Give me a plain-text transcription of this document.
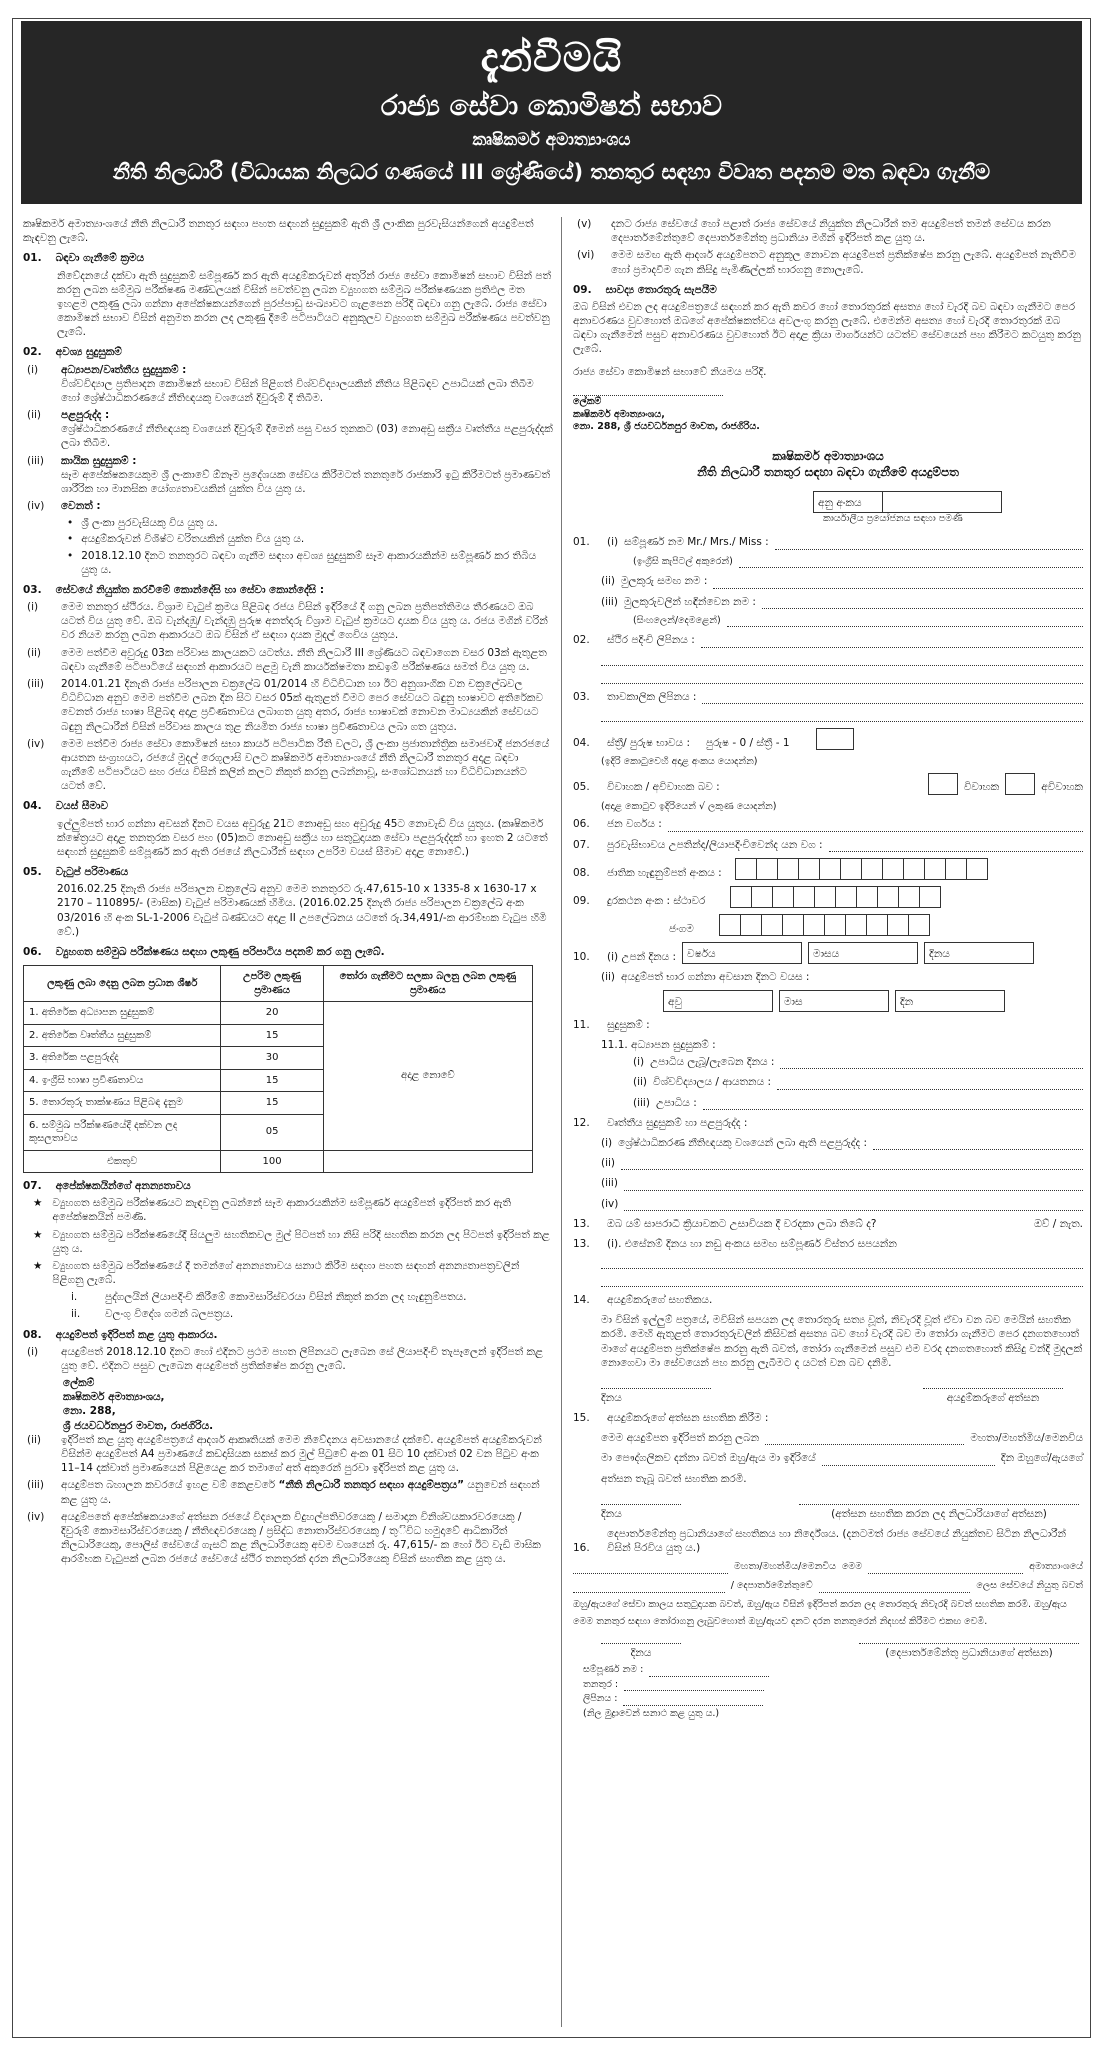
දැන්වීමයි
රාජ්‍ය සේවා කොමිෂන් සභාව
කෘෂිකර්ම අමාත්‍යාංශය
නීති නිලධාරී (විධායක නිලධර ගණයේ III ශ්‍රේණියේ) තනතුර සඳහා විවෘත පදනම මත බඳවා ගැනීම

කෘෂිකර්ම අමාත්‍යාංශයේ නීති නිලධාරී තනතුර සඳහා පහත සඳහන් සුදුසුකම් ඇති ශ්‍රී ලාංකික පුරවැසියන්ගෙන් අයදුම්පත් කැඳවනු ලැබේ.

01. බඳවා ගැනීමේ ක්‍රමය

නිවේදනයේ දක්වා ඇති සුදුසුකම් සම්පූර්ණ කර ඇති අයදුම්කරුවන් අතුරින් රාජ්‍ය සේවා කොමිෂන් සභාව විසින් පත් කරනු ලබන සම්මුඛ පරීක්ෂණ මණ්ඩලයක් විසින් පවත්වනු ලබන ව්‍යුහගත සම්මුඛ පරීක්ෂණයක ප්‍රතිඵල මත ඉහළම ලකුණු ලබා ගන්නා අපේක්ෂකයන්ගෙන් පුරප්පාඩු සංඛ්‍යාවට ගැළපෙන පරිදි බඳවා ගනු ලැබේ. රාජ්‍ය සේවා කොමිෂන් සභාව විසින් අනුමත කරන ලද ලකුණු දීමේ පටිපාටියට අනුකූලව ව්‍යුහගත සම්මුඛ පරීක්ෂණය පවත්වනු ලැබේ.

02. අවශ්‍ය සුදුසුකම්
(i)	අධ්‍යාපන/වෘත්තීය සුදුසුකම් :
විශ්වවිද්‍යාල ප්‍රතිපාදන කොමිෂන් සභාව විසින් පිළිගත් විශ්වවිද්‍යාලයකින් නීතිය පිළිබඳව උපාධියක් ලබා තිබීම හෝ ශ්‍රේෂ්ඨාධිකරණයේ නීතිඥයකු වශයෙන් දිවුරුම් දී තිබීම.
(ii)	පළපුරුද්ද :
ශ්‍රේෂ්ඨාධිකරණයේ නීතිඥයකු වශයෙන් දිවුරුම් දීමෙන් පසු වසර තුනකට (03) නොඅඩු සක්‍රීය වෘත්තීය පළපුරුද්දක් ලබා තිබීම.
(iii)	කායික සුදුසුකම් :
සෑම අපේක්ෂකයෙකුම ශ්‍රී ලංකාවේ ඕනෑම ප්‍රදේශයක සේවය කිරීමටත් තනතුරේ රාජකාරි ඉටු කිරීමටත් ප්‍රමාණවත් ශාරීරික හා මානසික යෝග්‍යතාවයකින් යුක්ත විය යුතු ය.
(iv)	වෙනත් :
• ශ්‍රී ලංකා පුරවැසියකු විය යුතු ය.
• අයදුම්කරුවන් විශිෂ්ට චරිතයකින් යුක්ත විය යුතු ය.
• 2018.12.10 දිනට තනතුරට බඳවා ගැනීම සඳහා අවශ්‍ය සුදුසුකම් සෑම ආකාරයකින්ම සම්පූර්ණ කර තිබිය යුතු ය.
03. සේවයේ නියුක්ත කරවීමේ කොන්දේසි හා සේවා කොන්දේසි :
(i)	මෙම තනතුර ස්ථිරය. විශ්‍රාම වැටුප් ක්‍රමය පිළිබඳ රජය විසින් ඉදිරියේ දී ගනු ලබන ප්‍රතිපත්තිමය තීරණයට ඔබ යටත් විය යුතු වේ. ඔබ වැන්දඹු/ වැන්දඹු පුරුෂ අනත්දරු විශ්‍රාම වැටුප් ක්‍රමයට දායක විය යුතු ය. රජය මගින් වරින් වර නියම කරනු ලබන ආකාරයට ඔබ විසින් ඒ සඳහා දායක මුදල් ගෙවිය යුතුය.
(ii)	මෙම පත්වීම අවුරුදු 03ක පරිවාස කාලයකට යටත්ය. නීති නිලධාරී III ශ්‍රේණියට බඳවාගෙන වසර 03ක් ඇතුළත බඳවා ගැනීමේ පටිපාටියේ සඳහන් ආකාරයට පළමු වැනි කාර්යක්ෂමතා කඩඉම් පරීක්ෂණය සමත් විය යුතු ය.
(iii)	2014.01.21 දිනැති රාජ්‍ය පරිපාලන චක්‍රලේඛ 01/2014 හි විධිවිධාන හා ඊට අනුශාංගික වන චක්‍රලේඛවල විධිවිධාන අනුව මෙම පත්වීම ලබන දින සිට වසර 05ක් ඇතුළත් වීමට පෙර සේවයට බඳුනු භාෂාවට අතිරේකව වෙනත් රාජ්‍ය භාෂා පිළිබඳ අදාළ ප්‍රවීණතාවය ලබාගත යුතු අතර, රාජ්‍ය භාෂාවක් නොවන මාධ්‍යයකින් සේවයට බඳුනු නිලධාරීන් විසින් පරිවාස කාලය තුළ නියමිත රාජ්‍ය භාෂා ප්‍රවීණතාවය ලබා ගත යුතුය.
(iv)	මෙම පත්වීම රාජ්‍ය සේවා කොමිෂන් සභා කාර්ය පටිපාටික රීති වලට, ශ්‍රී ලංකා ප්‍රජාතාන්ත්‍රික සමාජවාදී ජනරජයේ ආයතන සංග්‍රහයට, රජයේ මුදල් රෙගුලාසි වලට කෘෂිකර්ම අමාත්‍යාංශයේ නීති නිලධාරී තනතුර අදාළ බඳවා ගැනීමේ පටිපාටියට සහ රජය විසින් කලින් කලට නිකුත් කරනු ලබන්නාවූ, සංශෝධනයන් හා විධිවිධානයන්ට යටත් වේ.
04. වයස් සීමාව

ඉල්ලුම්පත් භාර ගන්නා අවසන් දිනට වයස අවුරුදු 21ට නොඅඩු සහ අවුරුදු 45ට නොවැඩි විය යුතුය. (කෘෂිකර්ම ක්ෂේත්‍රයට අදාළ තනතුරක වසර පහ (05)කට නොඅඩු සක්‍රීය හා සතුටුදායක සේවා පළපුරුද්දක් හා ඉහත 2 යටතේ සඳහන් සුදුසුකම් සම්පූර්ණ කර ඇති රජයේ නිලධාරීන් සඳහා උපරිම වයස් සීමාව අදාළ නොවේ.)

05. වැටුප් පරිමාණය

2016.02.25 දිනැති රාජ්‍ය පරිපාලන චක්‍රලේඛ අනුව මෙම තනතුරට රු.47,615-10 x 1335-8 x 1630-17 x 2170 – 110895/- (මාසික) වැටුප් පරිමාණයක් හිමිය. (2016.02.25 දිනැති රාජ්‍ය පරිපාලන චක්‍රලේඛ අංක 03/2016 හි අංක SL-1-2006 වැටුප් බණ්ඩයට අදාළ II උපලේඛනය යටතේ රු.34,491/-ක ආරම්භක වැටුප හිමි වේ.)

06. ව්‍යුහගත සම්මුඛ පරීක්ෂණය සඳහා ලකුණු පරිපාටිය පදනම් කර ගනු ලැබේ.
ලකුණු ලබා දෙනු ලබන ප්‍රධාන ශීර්ෂ	උපරිම ලකුණු ප්‍රමාණය	තෝරා ගැනීමට සලකා බලනු ලබන ලකුණු ප්‍රමාණය
1. අතිරේක අධ්‍යාපන සුදුසුකම්	20	අදාළ නොවේ
2. අතිරේක වෘත්තීය සුදුසුකම්	15	
3. අතිරේක පළපුරුද්ද	30	
4. ඉංග්‍රීසි භාෂා ප්‍රවීණතාවය	15	
5. තොරතුරු තාක්ෂණය පිළිබඳ දැනුම	15	
6. සම්මුඛ පරීක්ෂණයේදී දක්වන ලද කුසලතාවය	05	
එකතුව	100	
07. අපේක්ෂකයින්ගේ අනන්‍යතාවය
★ ව්‍යුහගත සම්මුඛ පරීක්ෂණයට කැඳවනු ලබන්නේ සෑම ආකාරයකින්ම සම්පූර්ණ අයදුම්පත් ඉදිරිපත් කර ඇති අපේක්ෂකයින් පමණි.
★ ව්‍යුහගත සම්මුඛ පරීක්ෂණයේදී සියලුම සහතිකවල මුල් පිටපත් හා නිසි පරිදි සහතික කරන ලද පිටපත් ඉදිරිපත් කළ යුතු ය.
★ ව්‍යුහගත සම්මුඛ පරීක්ෂණයේ දී තමන්ගේ අනන්‍යතාවය සනාථ කිරීම සඳහා පහත සඳහන් අනන්‍යතාපත්‍රවලින් පිළිගනු ලැබේ.
i.	පුද්ගලයින් ලියාපදිංචි කිරීමේ කොමසාරිස්වරයා විසින් නිකුත් කරන ලද හැඳුනුම්පතය.
ii.	වලංගු විදේශ ගමන් බලපත්‍රය.
08. අයදුම්පත් ඉදිරිපත් කළ යුතු ආකාරය.
(i)	අයදුම්පත් 2018.12.10 දිනට හෝ එදිනට ප්‍රථම පහත ලිපිනයට ලැබෙන සේ ලියාපදිංචි තැපෑලෙන් ඉදිරිපත් කළ යුතු වේ. එදිනට පසුව ලැබෙන අයදුම්පත් ප්‍රතික්ෂේප කරනු ලැබේ.
ලේකම්
කෘෂිකර්ම අමාත්‍යාංශය,
නො. 288,
ශ්‍රී ජයවර්ධනපුර මාවත, රාජගිරිය.
(ii)	ඉදිරිපත් කළ යුතු අයදුම්පත්‍රයේ ආදර්ශ ආකෘතියක් මෙම නිවේදනය අවසානයේ දක්වේ. අයදුම්පත් අයදුම්කරුවන් විසින්ම අයදුම්පත් A4 ප්‍රමාණයේ කඩදාසියක සකස් කර මුල් පිටුවේ අංක 01 සිට 10 දක්වාත් 02 වන පිටුව අංක 11–14 දක්වාත් ප්‍රමාණයෙන් පිළියෙළ කර තමාගේ අත් අකුරෙන් පුරවා ඉදිරිපත් කළ යුතු ය.
(iii)	අයදුම්පත බහාලන කවරයේ ඉහළ වම් කෙළවරේ “නීති නිලධාරී තනතුර සඳහා අයදුම්පත්‍රය” යනුවෙන් සඳහන් කළ යුතු ය.
(iv)	අයදුම්පතේ අපේක්ෂකයාගේ අත්සන රජයේ විද්‍යාලක විදුහල්පතිවරයෙකු / සමාදාන විනිශ්චයකාරවරයෙකු / දිවුරුම් කොමසාරිස්වරයෙකු / නීතිඥවරයෙකු / ප්‍රසිද්ධ නොතාරිස්වරයෙකු / තුිවිධ හමුදාවේ ආධිකාරිත් නිලධාරියෙකු, පොලිස් සේවයේ ගැසට් කළ නිලධාරියෙකු අවම වශයෙන් රු. 47,615/- ක හෝ ඊට වැඩි මාසික ආරම්භක වැටුපක් ලබන රජයේ සේවයේ ස්ථිර තනතුරක් දරන නිලධාරියෙකු විසින් සහතික කළ යුතු ය.
(v)	දනට රාජ්‍ය සේවයේ හෝ පළාත් රාජ්‍ය සේවයේ නියුක්ත නිලධාරීන් තම අයදුම්පත් තමන් සේවය කරන දෙපාර්තමේන්තුවේ දෙපාර්තමේන්තු ප්‍රධානියා මගින් ඉදිරිපත් කළ යුතු ය.
(vi)	මෙම සමඟ ඇති ආදර්ශ අයදුම්පතට අනුකූල නොවන අයදුම්පත් ප්‍රතික්ෂේප කරනු ලැබේ. අයදුම්පත් නැතිවීම හෝ ප්‍රමාදවීම ගැන කිසිදු පැමිණිල්ලක් භාරගනු නොලැබේ.
09. සාවද්‍ය තොරතුරු සැපයීම

ඔබ විසින් එවන ලද අයදුම්පත්‍රයේ සඳහන් කර ඇති කවර හෝ තොරතුරක් අසත්‍ය හෝ වැරදි බව බඳවා ගැනීමට පෙර අනාවරණය වුවහොත් ඔබගේ අපේක්ෂකත්වය අවලංගු කරනු ලැබේ. එමෙන්ම අසත්‍ය හෝ වැරදි තොරතුරක් ඔබ බඳවා ගැනීමෙන් පසුව අනාවරණය වුවහොත් ඊට අදාළ ක්‍රියා මාර්ගයන්ට යටත්ව සේවයෙන් පහ කිරීමට කටයුතු කරනු ලැබේ.

රාජ්‍ය සේවා කොමිෂන් සභාවේ නියමය පරිදි.

ලේකම්
කෘෂිකර්ම අමාත්‍යාංශය,
නො. 288, ශ්‍රී ජයවර්ධනපුර මාවත, රාජගිරිය.
කෘෂිකර්ම අමාත්‍යාංශය
නීති නිලධාරී තනතුර සඳහා බඳවා ගැනීමේ අයදුම්පත
අනු අංකය
කාර්යාලීය ප්‍රයෝජනය සඳහා පමණි
01.	(i) සම්පූර්ණ නම Mr./ Mrs./ Miss :
(ඉංග්‍රීසි කැපිටල් අකුරෙන්)
(ii) මුලකුරු සමඟ නම :
(iii) මුලකුරුවලින් හඳින්වෙන නම :
(සිංහලෙන්/දෙමළෙන්)
02.	ස්ථිර පදිංචි ලිපිනය :
03.	තාවකාලික ලිපිනය :
04.	ස්ත්‍රී/ පුරුෂ භාවය : පුරුෂ - 0 / ස්ත්‍රී - 1
(ඉදිරි කොටුවෙහි අදාළ අංකය යොදන්න)
05.	විවාහක / අවිවාහක බව :	විවාහක	අවිවාහක
(අදාළ කොටුව ඉදිරියෙන් √ ලකුණ යොදන්න)
06.	ජන වර්ගය :
07.	පුරවැසිභාවය උපතින්ද/ලියාපදිංචිවෙන්ද යන වග :
08.	ජාතික හැඳුනුම්පත් අංකය :
09.	දුරකථන අංක : ස්ථාවර
ජංගම
10.	(i) උපන් දිනය :	වර්ෂය	මාසය	දිනය
(ii) අයදුම්පත් භාර ගන්නා අවසාන දිනට වයස :
අවු	මාස	දින
11.	සුදුසුකම් :
11.1. අධ්‍යාපන සුදුසුකම් :
(i) උපාධිය ලැබූ/ලැබෙන දිනය :
(ii) විශ්වවිද්‍යාලය / ආයතනය :
(iii) උපාධිය :
12.	වෘත්තීය සුදුසුකම් හා පළපුරුද්ද :
(i) ශ්‍රේෂ්ඨාධිකරණ නීතිඥයකු වශයෙන් ලබා ඇති පළපුරුද්ද :
(ii)
(iii)
(iv)
13.	ඔබ යම් සාපරාධී ක්‍රියාවකට උසාවියක දී වරදකා ලබා තිබේ ද?	ඔව් / නැත.
13.	(i). එසේනම් දිනය හා නඩු අංකය සමඟ සම්පූර්ණ විස්තර සපයන්න
14.	අයදුම්කරුගේ සහතිකය.

මා විසින් ඉල්ලුම් පත්‍රයේ, මවිසින් සපයන ලද තොරතුරු සත්‍ය වූත්, නිවැරදි වූත් ඒවා වන බව මෙයින් සහතික කරමි. මෙහි ඇතුළත් තොරතුරුවලින් කිසිවක් අසත්‍ය බව හෝ වැරදි බව මා තෝරා ගැනීමට පෙර දනගතහොත් මාගේ අයදුම්පත ප්‍රතික්ෂේප කරනු ඇති බවත්, තෝරා ගැනීමෙන් පසුව එම වරද දනගතහොත් කිසිදු වන්දි මුදලක් නොගෙවා මා සේවයෙන් පහ කරනු ලැබීමට ද යටත් වන බව දනිමි.

දිනය	අයදුම්කරුගේ අත්සන
15.	අයදුම්කරුගේ අත්සන සහතික කිරීම :
මෙම අයදුම්පත ඉදිරිපත් කරනු ලබන	මහතා/මහත්මිය/මෙනවිය
මා පෞද්ගලිකව දන්නා බවත් ඔහු/ඇය මා ඉදිරියේ	දින ඔහුගේ/ඇයගේ
අත්සන තැබූ බවත් සහතික කරමි.
දිනය	(අත්සන සහතික කරන ලද නිලධාරියාගේ අත්සන)
16.
දෙපාර්තමේන්තු ප්‍රධානියාගේ සහතිකය හා නිර්දේශය. (දනටමත් රාජ්‍ය සේවයේ නියුක්තව සිටින නිලධාරීන් විසින් පිරවිය යුතු ය.)
මහතා/මහත්මිය/මෙනවිය මෙම	අමාත්‍යාංශයේ
/ දෙපාර්තමේන්තුවේ	ලෙස සේවයේ නියුතු බවත්

ඔහු/ඇයගේ සේවා කාලය සතුටුදායක බවත්, ඔහු/ඇය විසින් ඉදිරිපත් කරන ලද තොරතුරු නිවැරදි බවත් සහතික කරමි. ඔහු/ඇය

මෙම තනතුර සඳහා තෝරාගනු ලැබුවහොත් ඔහු/ඇයව දනට දරන තනතුරෙන් නිදහස් කිරීමට එකඟ වෙමි.

දිනය	(දෙපාර්තමේන්තු ප්‍රධානියාගේ අත්සන)
සම්පූර්ණ නම :
තනතුර :
ලිපිනය :
(නිල මුද්‍රාවෙන් සනාථ කළ යුතු ය.)
